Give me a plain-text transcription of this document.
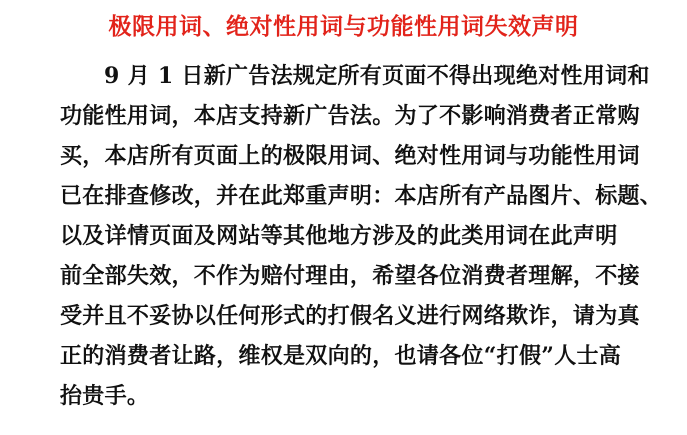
极限用词、绝对性用词与功能性用词失效声明
9 月 1 日新广告法规定所有页面不得出现绝对性用词和
功能性用词，本店支持新广告法。为了不影响消费者正常购
买，本店所有页面上的极限用词、绝对性用词与功能性用词
已在排查修改，并在此郑重声明：本店所有产品图片、标题、
以及详情页面及网站等其他地方涉及的此类用词在此声明
前全部失效，不作为赔付理由，希望各位消费者理解，不接
受并且不妥协以任何形式的打假名义进行网络欺诈，请为真
正的消费者让路，维权是双向的，也请各位“打假”人士高
抬贵手。
